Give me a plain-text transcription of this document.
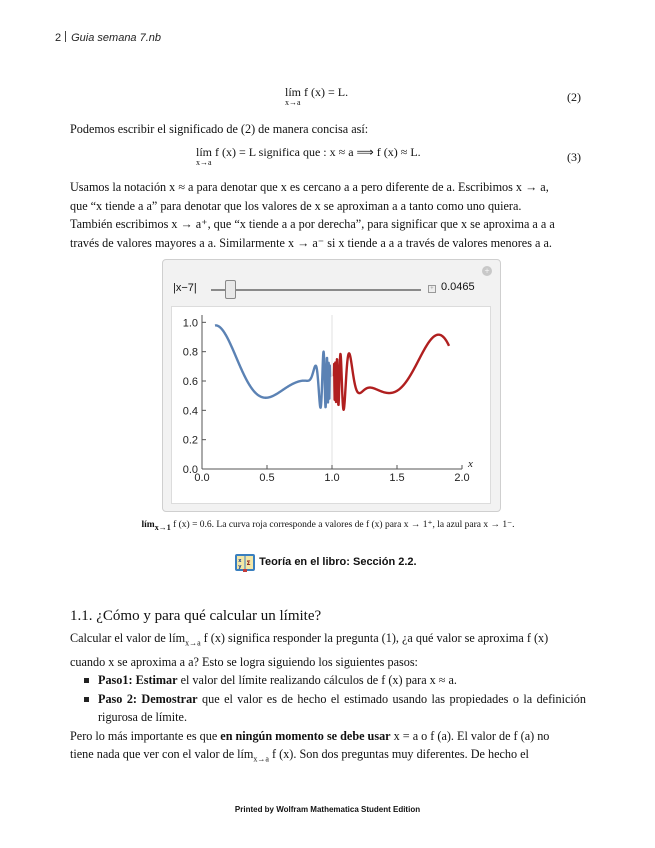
2 Guia semana 7.nb
lím f (x) = L.
x→a	(2)
Podemos escribir el significado de (2) de manera concisa así:
lím f (x) = L significa que : x ≈ a ⟹ f (x) ≈ L.
x→a	(3)

Usamos la notación x ≈ a para denotar que x es cercano a a pero diferente de a. Escribimos x → a,

que “x tiende a a” para denotar que los valores de x se aproximan a a tanto como uno quiera.

También escribimos x → a⁺, que “x tiende a a por derecha”, para significar que x se aproxima a a a

través de valores mayores a a. Similarmente x → a⁻ si x tiende a a a través de valores menores a a.

+
|x−7|	+ 0.0465
0.0	0.5	1.0	1.5	2.0
0.0
0.2
0.4
0.6
0.8
1.0
x
lím$_{x\to 1}$ f (x) = 0.6. La curva roja corresponde a valores de f (x) para x → 1⁺, la azul para x → 1⁻.
x
y Σ Teoría en el libro: Sección 2.2.
1.1. ¿Cómo y para qué calcular un límite?

Calcular el valor de lím$_{x\to a}$ f (x) significa responder la pregunta (1), ¿a qué valor se aproxima f (x)

cuando x se aproxima a a? Esto se logra siguiendo los siguientes pasos:

Paso1: Estimar el valor del límite realizando cálculos de f (x) para x ≈ a.
Paso 2: Demostrar que el valor es de hecho el estimado usando las propiedades o la definición rigurosa de límite.

Pero lo más importante es que en ningún momento se debe usar x = a o f (a). El valor de f (a) no

tiene nada que ver con el valor de lím$_{x\to a}$ f (x). Son dos preguntas muy diferentes. De hecho el

Printed by Wolfram Mathematica Student Edition
